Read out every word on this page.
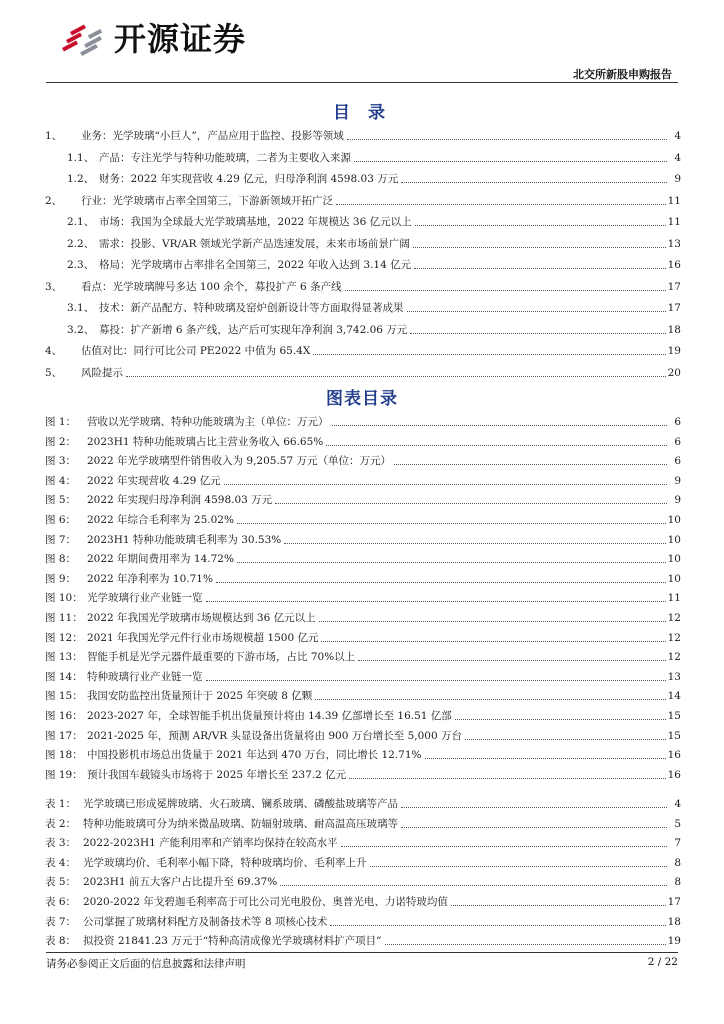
开源证券
北交所新股申购报告
目 录
1、	业务：光学玻璃“小巨人”，产品应用于监控、投影等领域	4
1.1、 产品：专注光学与特种功能玻璃，二者为主要收入来源	4
1.2、 财务：2022 年实现营收 4.29 亿元，归母净利润 4598.03 万元	9
2、	行业：光学玻璃市占率全国第三，下游新领域开拓广泛	11
2.1、 市场：我国为全球最大光学玻璃基地，2022 年规模达 36 亿元以上	11
2.2、 需求：投影、VR/AR 领域光学新产品迭速发展，未来市场前景广阔	13
2.3、 格局：光学玻璃市占率排名全国第三，2022 年收入达到 3.14 亿元	16
3、	看点：光学玻璃牌号多达 100 余个，募投扩产 6 条产线	17
3.1、 技术：新产品配方、特种玻璃及窑炉创新设计等方面取得显著成果	17
3.2、 募投：扩产新增 6 条产线，达产后可实现年净利润 3,742.06 万元	18
4、	估值对比：同行可比公司 PE2022 中值为 65.4X	19
5、	风险提示	20
图表目录
图 1：	营收以光学玻璃、特种功能玻璃为主（单位：万元）	6
图 2：	2023H1 特种功能玻璃占比主营业务收入 66.65%	6
图 3：	2022 年光学玻璃型件销售收入为 9,205.57 万元（单位：万元）	6
图 4：	2022 年实现营收 4.29 亿元	9
图 5：	2022 年实现归母净利润 4598.03 万元	9
图 6：	2022 年综合毛利率为 25.02%	10
图 7：	2023H1 特种功能玻璃毛利率为 30.53%	10
图 8：	2022 年期间费用率为 14.72%	10
图 9：	2022 年净利率为 10.71%	10
图 10： 光学玻璃行业产业链一览	11
图 11： 2022 年我国光学玻璃市场规模达到 36 亿元以上	12
图 12： 2021 年我国光学元件行业市场规模超 1500 亿元	12
图 13： 智能手机是光学元器件最重要的下游市场，占比 70%以上	12
图 14： 特种玻璃行业产业链一览	13
图 15： 我国安防监控出货量预计于 2025 年突破 8 亿颗	14
图 16： 2023-2027 年，全球智能手机出货量预计将由 14.39 亿部增长至 16.51 亿部	15
图 17： 2021-2025 年，预测 AR/VR 头显设备出货量将由 900 万台增长至 5,000 万台	15
图 18： 中国投影机市场总出货量于 2021 年达到 470 万台，同比增长 12.71%	16
图 19： 预计我国车载镜头市场将于 2025 年增长至 237.2 亿元	16
表 1： 光学玻璃已形成冕牌玻璃、火石玻璃、镧系玻璃、磷酸盐玻璃等产品	4
表 2： 特种功能玻璃可分为纳米微晶玻璃、防辐射玻璃、耐高温高压玻璃等	5
表 3： 2022-2023H1 产能利用率和产销率均保持在较高水平	7
表 4： 光学玻璃均价、毛利率小幅下降，特种玻璃均价、毛利率上升	8
表 5： 2023H1 前五大客户占比提升至 69.37%	8
表 6： 2020-2022 年戈碧迦毛利率高于可比公司光电股份、奥普光电、力诺特玻均值	17
表 7： 公司掌握了玻璃材料配方及制备技术等 8 项核心技术	18
表 8： 拟投资 21841.23 万元于“特种高清成像光学玻璃材料扩产项目”	19
请务必参阅正文后面的信息披露和法律声明	2 / 22
